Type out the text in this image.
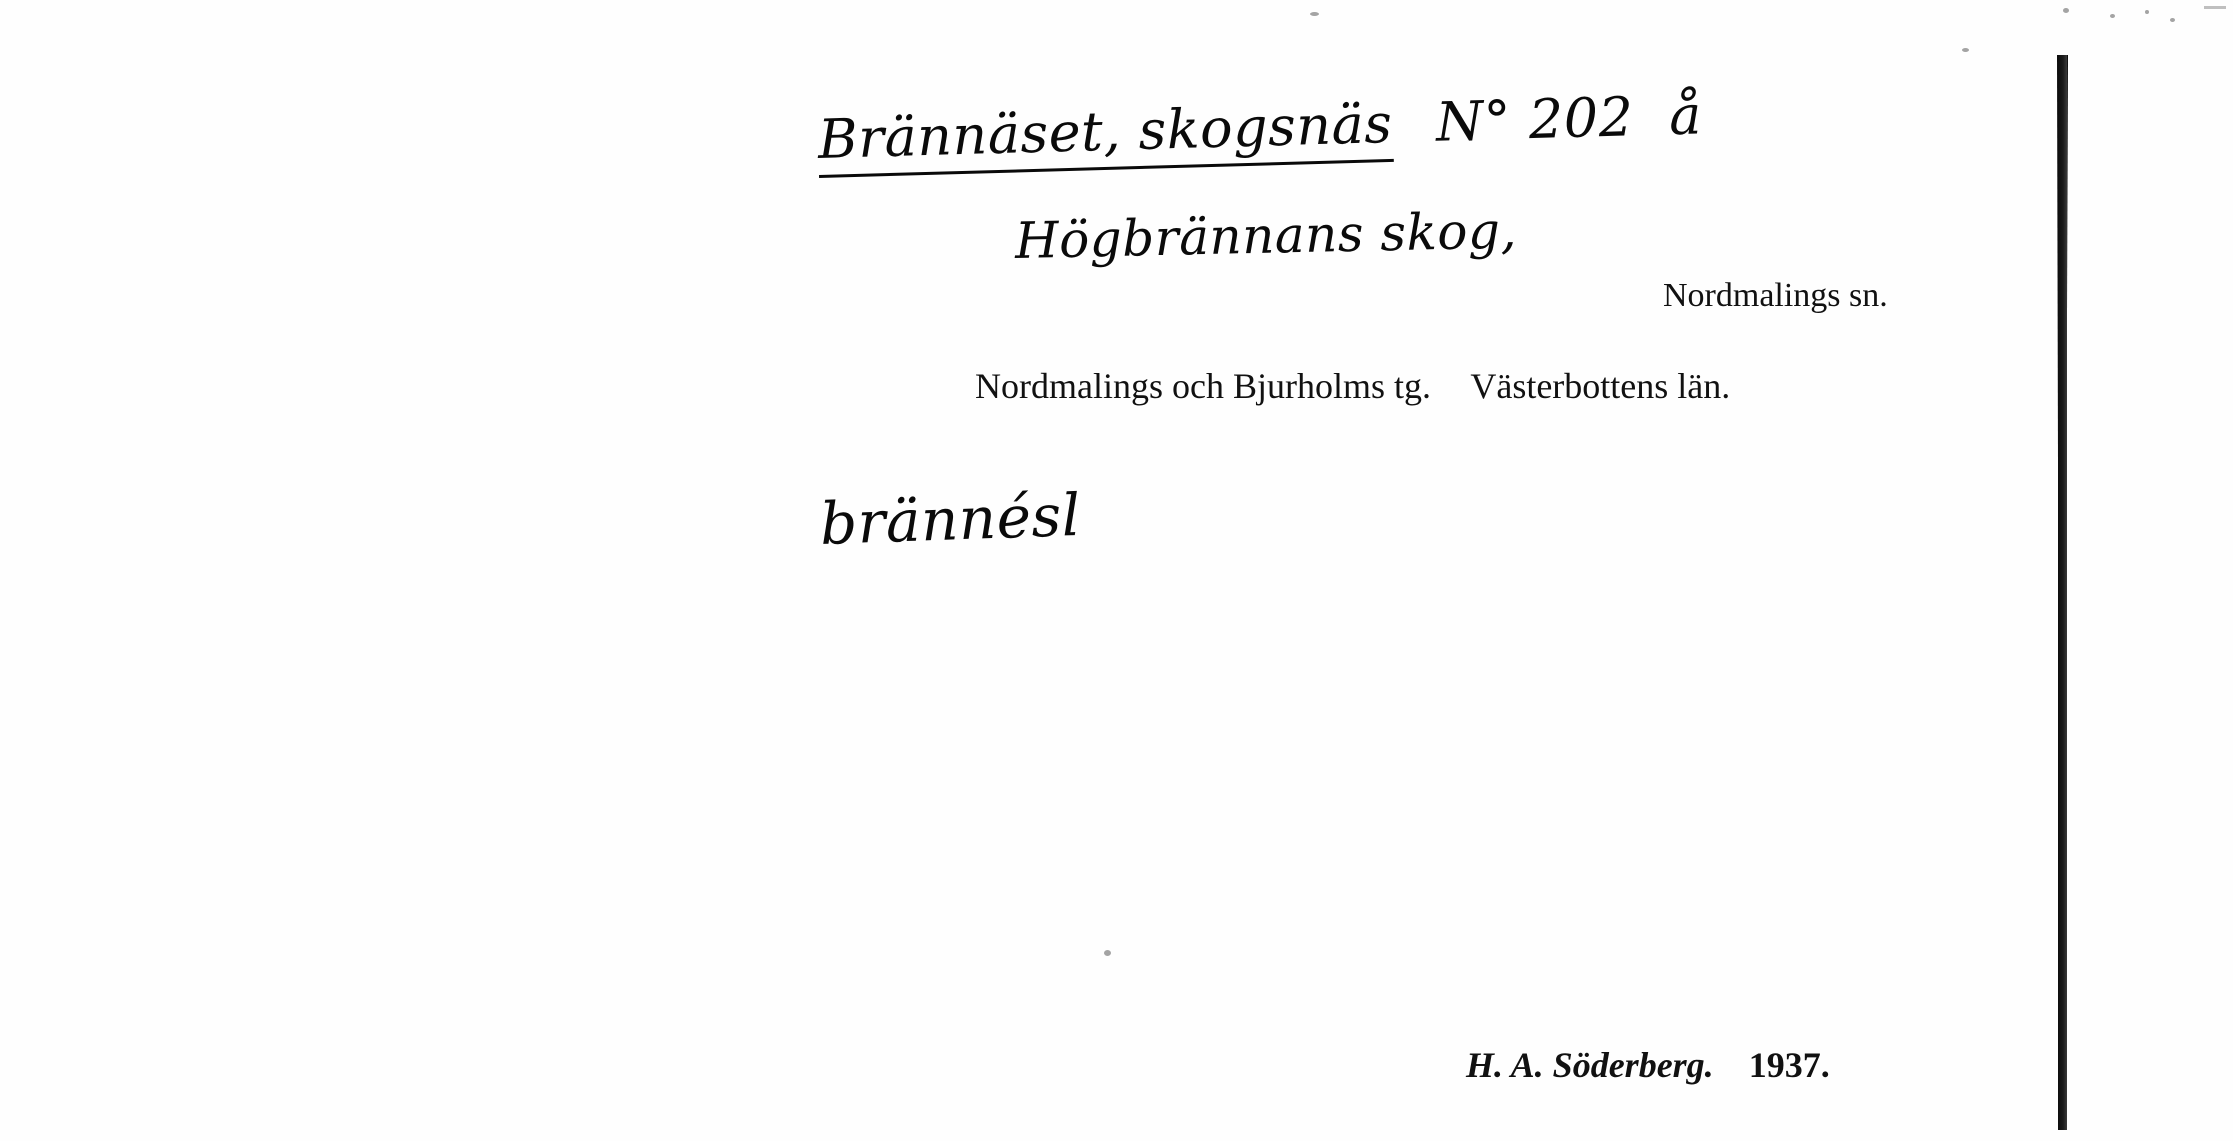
Brännäset, skogsnäs N° 202 å
Högbrännans skog,
Nordmalings sn.
Nordmalings och Bjurholms tg. Västerbottens län.
brännésl
H. A. Söderberg. 1937.
